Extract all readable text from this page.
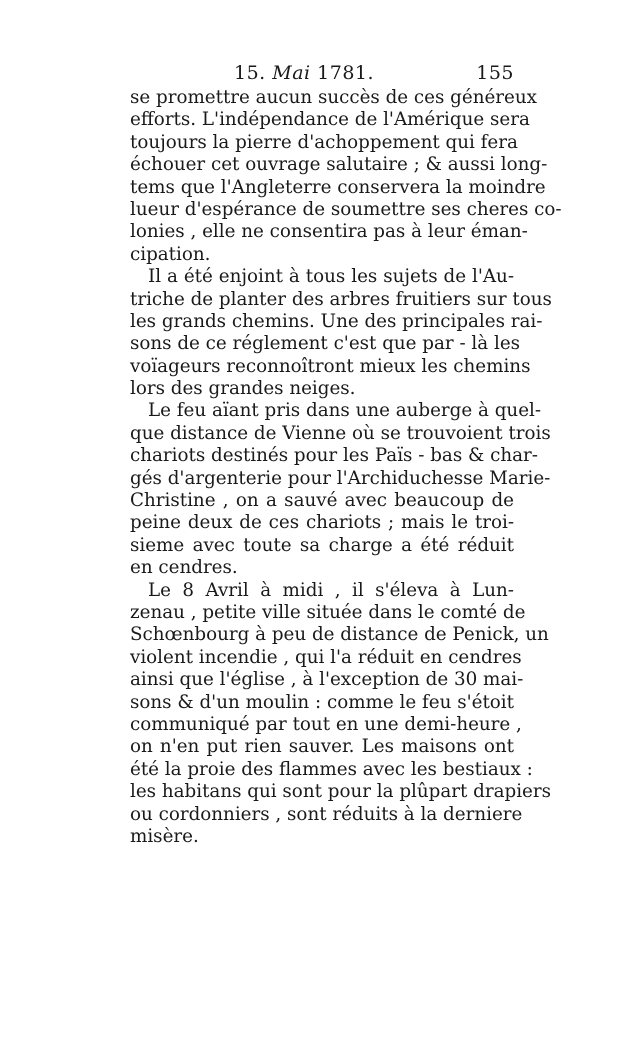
15. Mai 1781.	155
se promettre aucun succès de ces généreux
efforts. L'indépendance de l'Amérique sera
toujours la pierre d'achoppement qui fera
échouer cet ouvrage salutaire ; & aussi long-
tems que l'Angleterre conservera la moindre
lueur d'espérance de soumettre ses cheres co-
lonies , elle ne consentira pas à leur éman-
cipation.
Il a été enjoint à tous les sujets de l'Au-
triche de planter des arbres fruitiers sur tous
les grands chemins. Une des principales rai-
sons de ce réglement c'est que par - là les
voïageurs reconnoîtront mieux les chemins
lors des grandes neiges.
Le feu aïant pris dans une auberge à quel-
que distance de Vienne où se trouvoient trois
chariots destinés pour les Païs - bas & char-
gés d'argenterie pour l'Archiduchesse Marie-
Christine , on a sauvé avec beaucoup de
peine deux de ces chariots ; mais le troi-
sieme avec toute sa charge a été réduit
en cendres.
Le 8 Avril à midi , il s'éleva à Lun-
zenau , petite ville située dans le comté de
Schœnbourg à peu de distance de Penick, un
violent incendie , qui l'a réduit en cendres
ainsi que l'église , à l'exception de 30 mai-
sons & d'un moulin : comme le feu s'étoit
communiqué par tout en une demi-heure ,
on n'en put rien sauver. Les maisons ont
été la proie des flammes avec les bestiaux :
les habitans qui sont pour la plûpart drapiers
ou cordonniers , sont réduits à la derniere
misère.
